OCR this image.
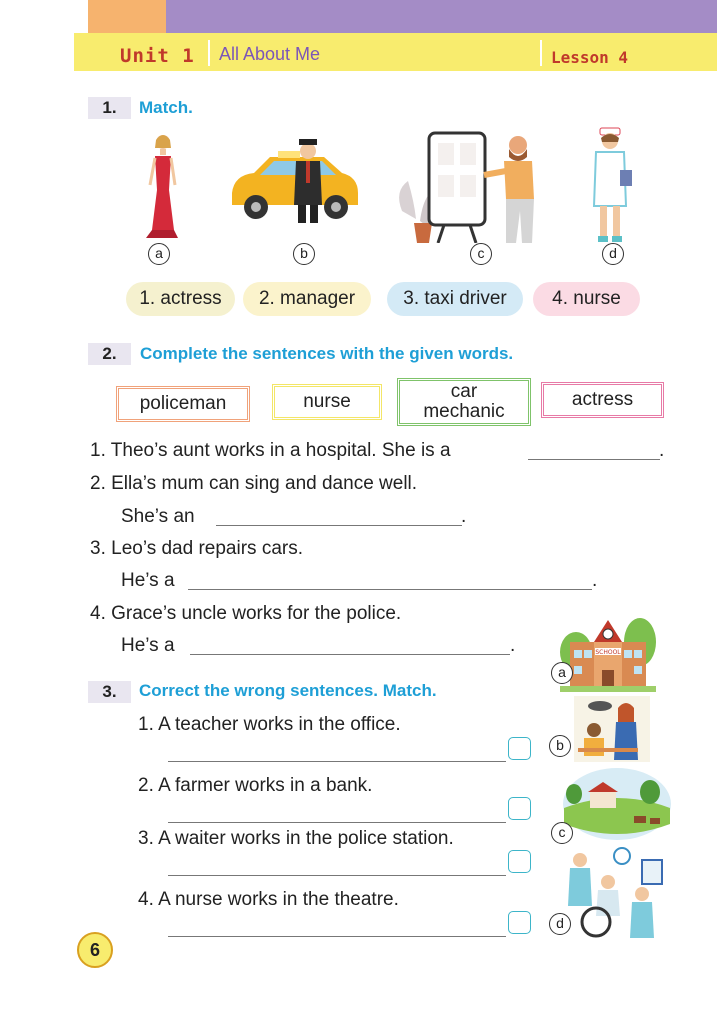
Unit 1 All About Me	Lesson 4
1.	Match.
a	b	c	d
1. actress	2. manager	3. taxi driver	4. nurse
2.	Complete the sentences with the given words.
policeman	nurse	car
mechanic
actress
1. Theo’s aunt works in a hospital. She is a	.
2. Ella’s mum can sing and dance well.
She’s an	.
3. Leo’s dad repairs cars.
He’s a	.
4. Grace’s uncle works for the police.
He’s a	.
3.	Correct the wrong sentences. Match.
1. A teacher works in the office.
2. A farmer works in a bank.
3. A waiter works in the police station.
4. A nurse works in the theatre.
SCHOOL
a
b
c
d
6
